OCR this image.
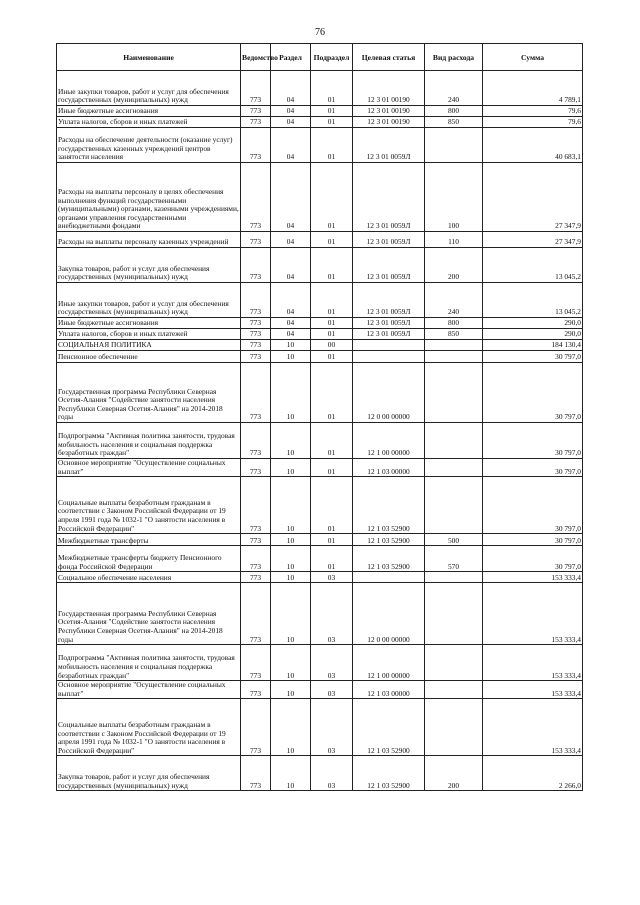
76
Наименование	Ведомство	Раздел	Подраздел	Целевая статья	Вид расхода	Сумма
Иные закупки товаров, работ и услуг для обеспечения государственных (муниципальных) нужд	773	04	01	12 3 01 00190	240	4 789,1
Иные бюджетные ассигнования	773	04	01	12 3 01 00190	800	79,6
Уплата налогов, сборов и иных платежей	773	04	01	12 3 01 00190	850	79,6
Расходы на обеспечение деятельности (оказание услуг) государственных казенных учреждений центров занятости населения	773	04	01	12 3 01 0059Л		40 683,1
Расходы на выплаты персоналу в целях обеспечения выполнения функций государственными (муниципальными) органами, казенными учреждениями, органами управления государственными внебюджетными фондами	773	04	01	12 3 01 0059Л	100	27 347,9
Расходы на выплаты персоналу казенных учреждений	773	04	01	12 3 01 0059Л	110	27 347,9
Закупка товаров, работ и услуг для обеспечения государственных (муниципальных) нужд	773	04	01	12 3 01 0059Л	200	13 045,2
Иные закупки товаров, работ и услуг для обеспечения государственных (муниципальных) нужд	773	04	01	12 3 01 0059Л	240	13 045,2
Иные бюджетные ассигнования	773	04	01	12 3 01 0059Л	800	290,0
Уплата налогов, сборов и иных платежей	773	04	01	12 3 01 0059Л	850	290,0
СОЦИАЛЬНАЯ ПОЛИТИКА	773	10	00			184 130,4
Пенсионное обеспечение	773	10	01			30 797,0
Государственная программа Республики Северная Осетия-Алания "Содействие занятости населения Республики Северная Осетия-Алания" на 2014-2018 годы	773	10	01	12 0 00 00000		30 797,0
Подпрограмма "Активная политика занятости, трудовая мобильность населения и социальная поддержка безработных граждан"	773	10	01	12 1 00 00000		30 797,0
Основное мероприятие "Осуществление социальных выплат"	773	10	01	12 1 03 00000		30 797,0
Социальные выплаты безработным гражданам в соответствии с Законом Российской Федерации от 19 апреля 1991 года № 1032-1 "О занятости населения в Российской Федерации"	773	10	01	12 1 03 52900		30 797,0
Межбюджетные трансферты	773	10	01	12 1 03 52900	500	30 797,0
Межбюджетные трансферты бюджету Пенсионного фонда Российской Федерации	773	10	01	12 1 03 52900	570	30 797,0
Социальное обеспечение населения	773	10	03			153 333,4
Государственная программа Республики Северная Осетия-Алания "Содействие занятости населения Республики Северная Осетия-Алания" на 2014-2018 годы	773	10	03	12 0 00 00000		153 333,4
Подпрограмма "Активная политика занятости, трудовая мобильность населения и социальная поддержка безработных граждан"	773	10	03	12 1 00 00000		153 333,4
Основное мероприятие "Осуществление социальных выплат"	773	10	03	12 1 03 00000		153 333,4
Социальные выплаты безработным гражданам в соответствии с Законом Российской Федерации от 19 апреля 1991 года № 1032-1 "О занятости населения в Российской Федерации"	773	10	03	12 1 03 52900		153 333,4
Закупка товаров, работ и услуг для обеспечения государственных (муниципальных) нужд	773	10	03	12 1 03 52900	200	2 266,0
